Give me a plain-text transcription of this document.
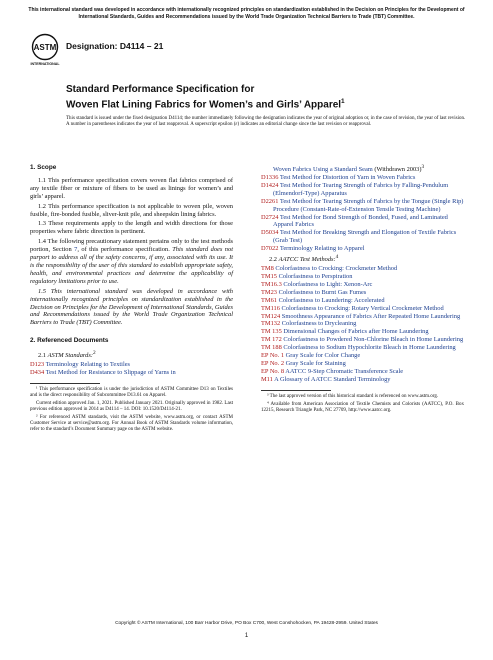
This international standard was developed in accordance with internationally recognized principles on standardization established in the Decision on Principles for the Development of International Standards, Guides and Recommendations issued by the World Trade Organization Technical Barriers to Trade (TBT) Committee.
ASTM
INTERNATIONAL
Designation: D4114 – 21
Standard Performance Specification for
Woven Flat Lining Fabrics for Women’s and Girls’ Apparel$^1$
This standard is issued under the fixed designation D4114; the number immediately following the designation indicates the year of original adoption or, in the case of revision, the year of last revision. A number in parentheses indicates the year of last reapproval. A superscript epsilon (ε) indicates an editorial change since the last revision or reapproval.
1. Scope

1.1 This performance specification covers woven flat fabrics comprised of any textile fiber or mixture of fibers to be used as linings for women’s and girls’ apparel.

1.2 This performance specification is not applicable to woven pile, woven fusible, fire-bonded fusible, sliver-knit pile, and sheepskin lining fabrics.

1.3 These requirements apply to the length and width directions for those properties where fabric direction is pertinent.

1.4 The following precautionary statement pertains only to the test methods portion, Section 7, of this performance specification. This standard does not purport to address all of the safety concerns, if any, associated with its use. It is the responsibility of the user of this standard to establish appropriate safety, health, and environmental practices and determine the applicability of regulatory limitations prior to use.

1.5 This international standard was developed in accordance with internationally recognized principles on standardization established in the Decision on Principles for the Development of International Standards, Guides and Recommendations issued by the World Trade Organization Technical Barriers to Trade (TBT) Committee.

2. Referenced Documents
2.1 ASTM Standards:$^2$

D123 Terminology Relating to Textiles

D434 Test Method for Resistance to Slippage of Yarns in

¹ This performance specification is under the jurisdiction of ASTM Committee D13 on Textiles and is the direct responsibility of Subcommittee D13.61 on Apparel.

Current edition approved Jan. 1, 2021. Published January 2021. Originally approved in 1982. Last previous edition approved in 2014 as D4114 – 14. DOI: 10.1520/D4114-21.

² For referenced ASTM standards, visit the ASTM website, www.astm.org, or contact ASTM Customer Service at service@astm.org. For Annual Book of ASTM Standards volume information, refer to the standard’s Document Summary page on the ASTM website.

Woven Fabrics Using a Standard Seam (Withdrawn 2003)$^3$

D1336 Test Method for Distortion of Yarn in Woven Fabrics

D1424 Test Method for Tearing Strength of Fabrics by Falling-Pendulum (Elmendorf-Type) Apparatus

D2261 Test Method for Tearing Strength of Fabrics by the Tongue (Single Rip) Procedure (Constant-Rate-of-Extension Tensile Testing Machine)

D2724 Test Method for Bond Strength of Bonded, Fused, and Laminated Apparel Fabrics

D5034 Test Method for Breaking Strength and Elongation of Textile Fabrics (Grab Test)

D7022 Terminology Relating to Apparel

2.2 AATCC Test Methods:$^4$

TM8 Colorfastness to Crocking: Crockmeter Method

TM15 Colorfastness to Perspiration

TM16.3 Colorfastness to Light: Xenon-Arc

TM23 Colorfastness to Burnt Gas Fumes

TM61 Colorfastness to Laundering: Accelerated

TM116 Colorfastness to Crocking: Rotary Vertical Crockmeter Method

TM124 Smoothness Appearance of Fabrics After Repeated Home Laundering

TM132 Colorfastness to Drycleaning

TM 135 Dimensional Changes of Fabrics after Home Laundering

TM 172 Colorfastness to Powdered Non-Chlorine Bleach in Home Laundering

TM 188 Colorfastness to Sodium Hypochlorite Bleach in Home Laundering

EP No. 1 Gray Scale for Color Change

EP No. 2 Gray Scale for Staining

EP No. 8 AATCC 9-Step Chromatic Transference Scale

M11 A Glossary of AATCC Standard Terminology

³ The last approved version of this historical standard is referenced on www.astm.org.

⁴ Available from American Association of Textile Chemists and Colorists (AATCC), P.O. Box 12215, Research Triangle Park, NC 27709, http://www.aatcc.org.

Copyright © ASTM International, 100 Barr Harbor Drive, PO Box C700, West Conshohocken, PA 19428-2959. United States
1
